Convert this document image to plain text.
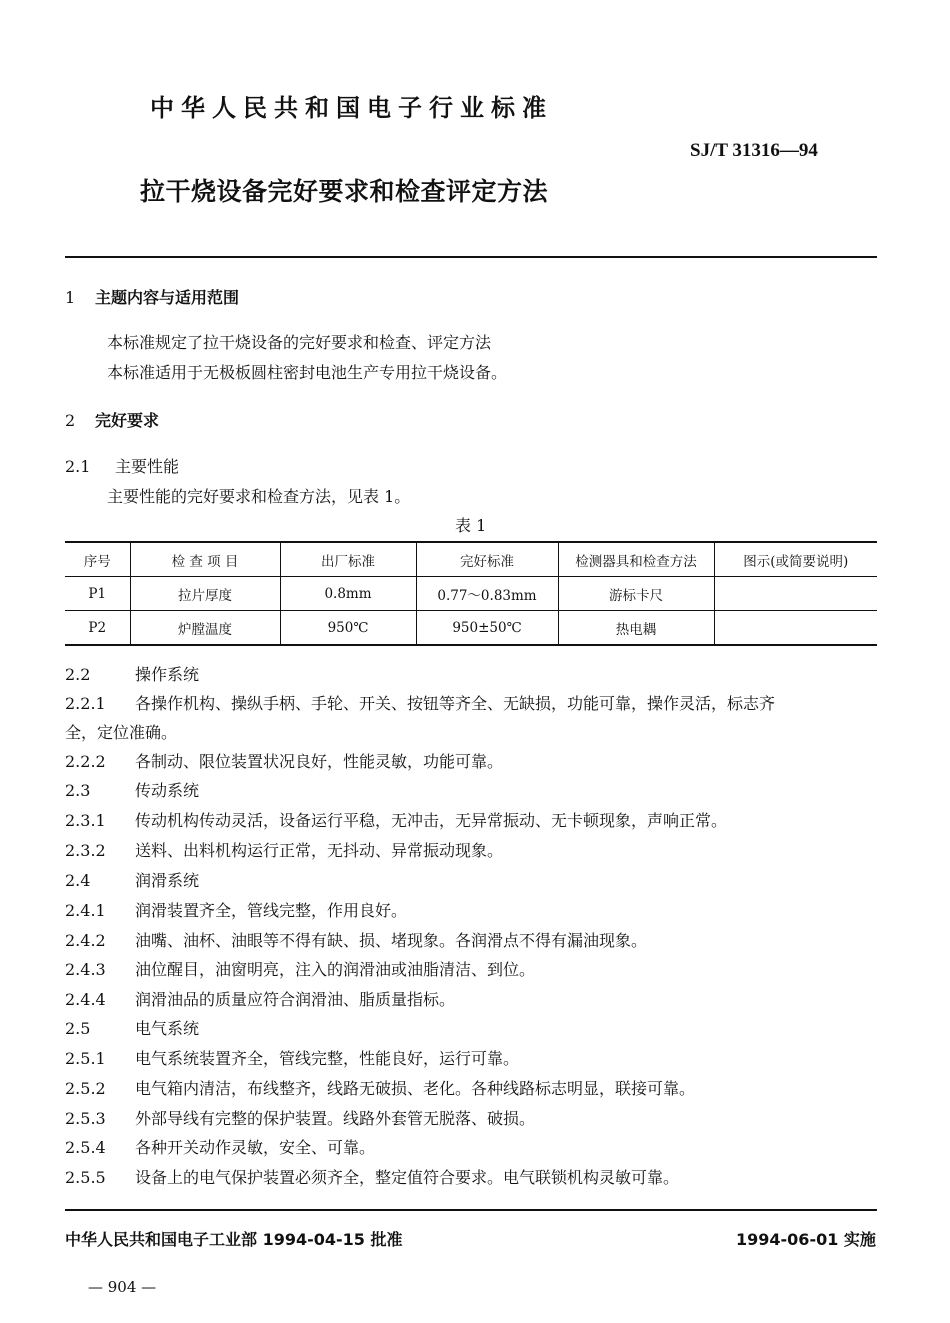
中华人民共和国电子行业标准
SJ/T 31316—94
拉干烧设备完好要求和检查评定方法
1 主题内容与适用范围
本标准规定了拉干烧设备的完好要求和检查、评定方法
本标准适用于无极板圆柱密封电池生产专用拉干烧设备。
2 完好要求
2.1 主要性能
主要性能的完好要求和检查方法，见表 1。
表 1
序号	检 查 项 目	出厂标准	完好标准	检测器具和检查方法	图示(或简要说明)
P1	拉片厚度	0.8mm	0.77～0.83mm	游标卡尺	
P2	炉膛温度	950℃	950±50℃	热电耦	
2.2	操作系统
2.2.1 各操作机构、操纵手柄、手轮、开关、按钮等齐全、无缺损，功能可靠，操作灵活，标志齐
全，定位准确。
2.2.2 各制动、限位装置状况良好，性能灵敏，功能可靠。
2.3	传动系统
2.3.1 传动机构传动灵活，设备运行平稳，无冲击，无异常振动、无卡顿现象，声响正常。
2.3.2 送料、出料机构运行正常，无抖动、异常振动现象。
2.4	润滑系统
2.4.1 润滑装置齐全，管线完整，作用良好。
2.4.2 油嘴、油杯、油眼等不得有缺、损、堵现象。各润滑点不得有漏油现象。
2.4.3 油位醒目，油窗明亮，注入的润滑油或油脂清洁、到位。
2.4.4 润滑油品的质量应符合润滑油、脂质量指标。
2.5	电气系统
2.5.1 电气系统装置齐全，管线完整，性能良好，运行可靠。
2.5.2 电气箱内清洁，布线整齐，线路无破损、老化。各种线路标志明显，联接可靠。
2.5.3 外部导线有完整的保护装置。线路外套管无脱落、破损。
2.5.4 各种开关动作灵敏，安全、可靠。
2.5.5 设备上的电气保护装置必须齐全，整定值符合要求。电气联锁机构灵敏可靠。
中华人民共和国电子工业部 1994-04-15 批准	1994-06-01 实施
— 904 —
